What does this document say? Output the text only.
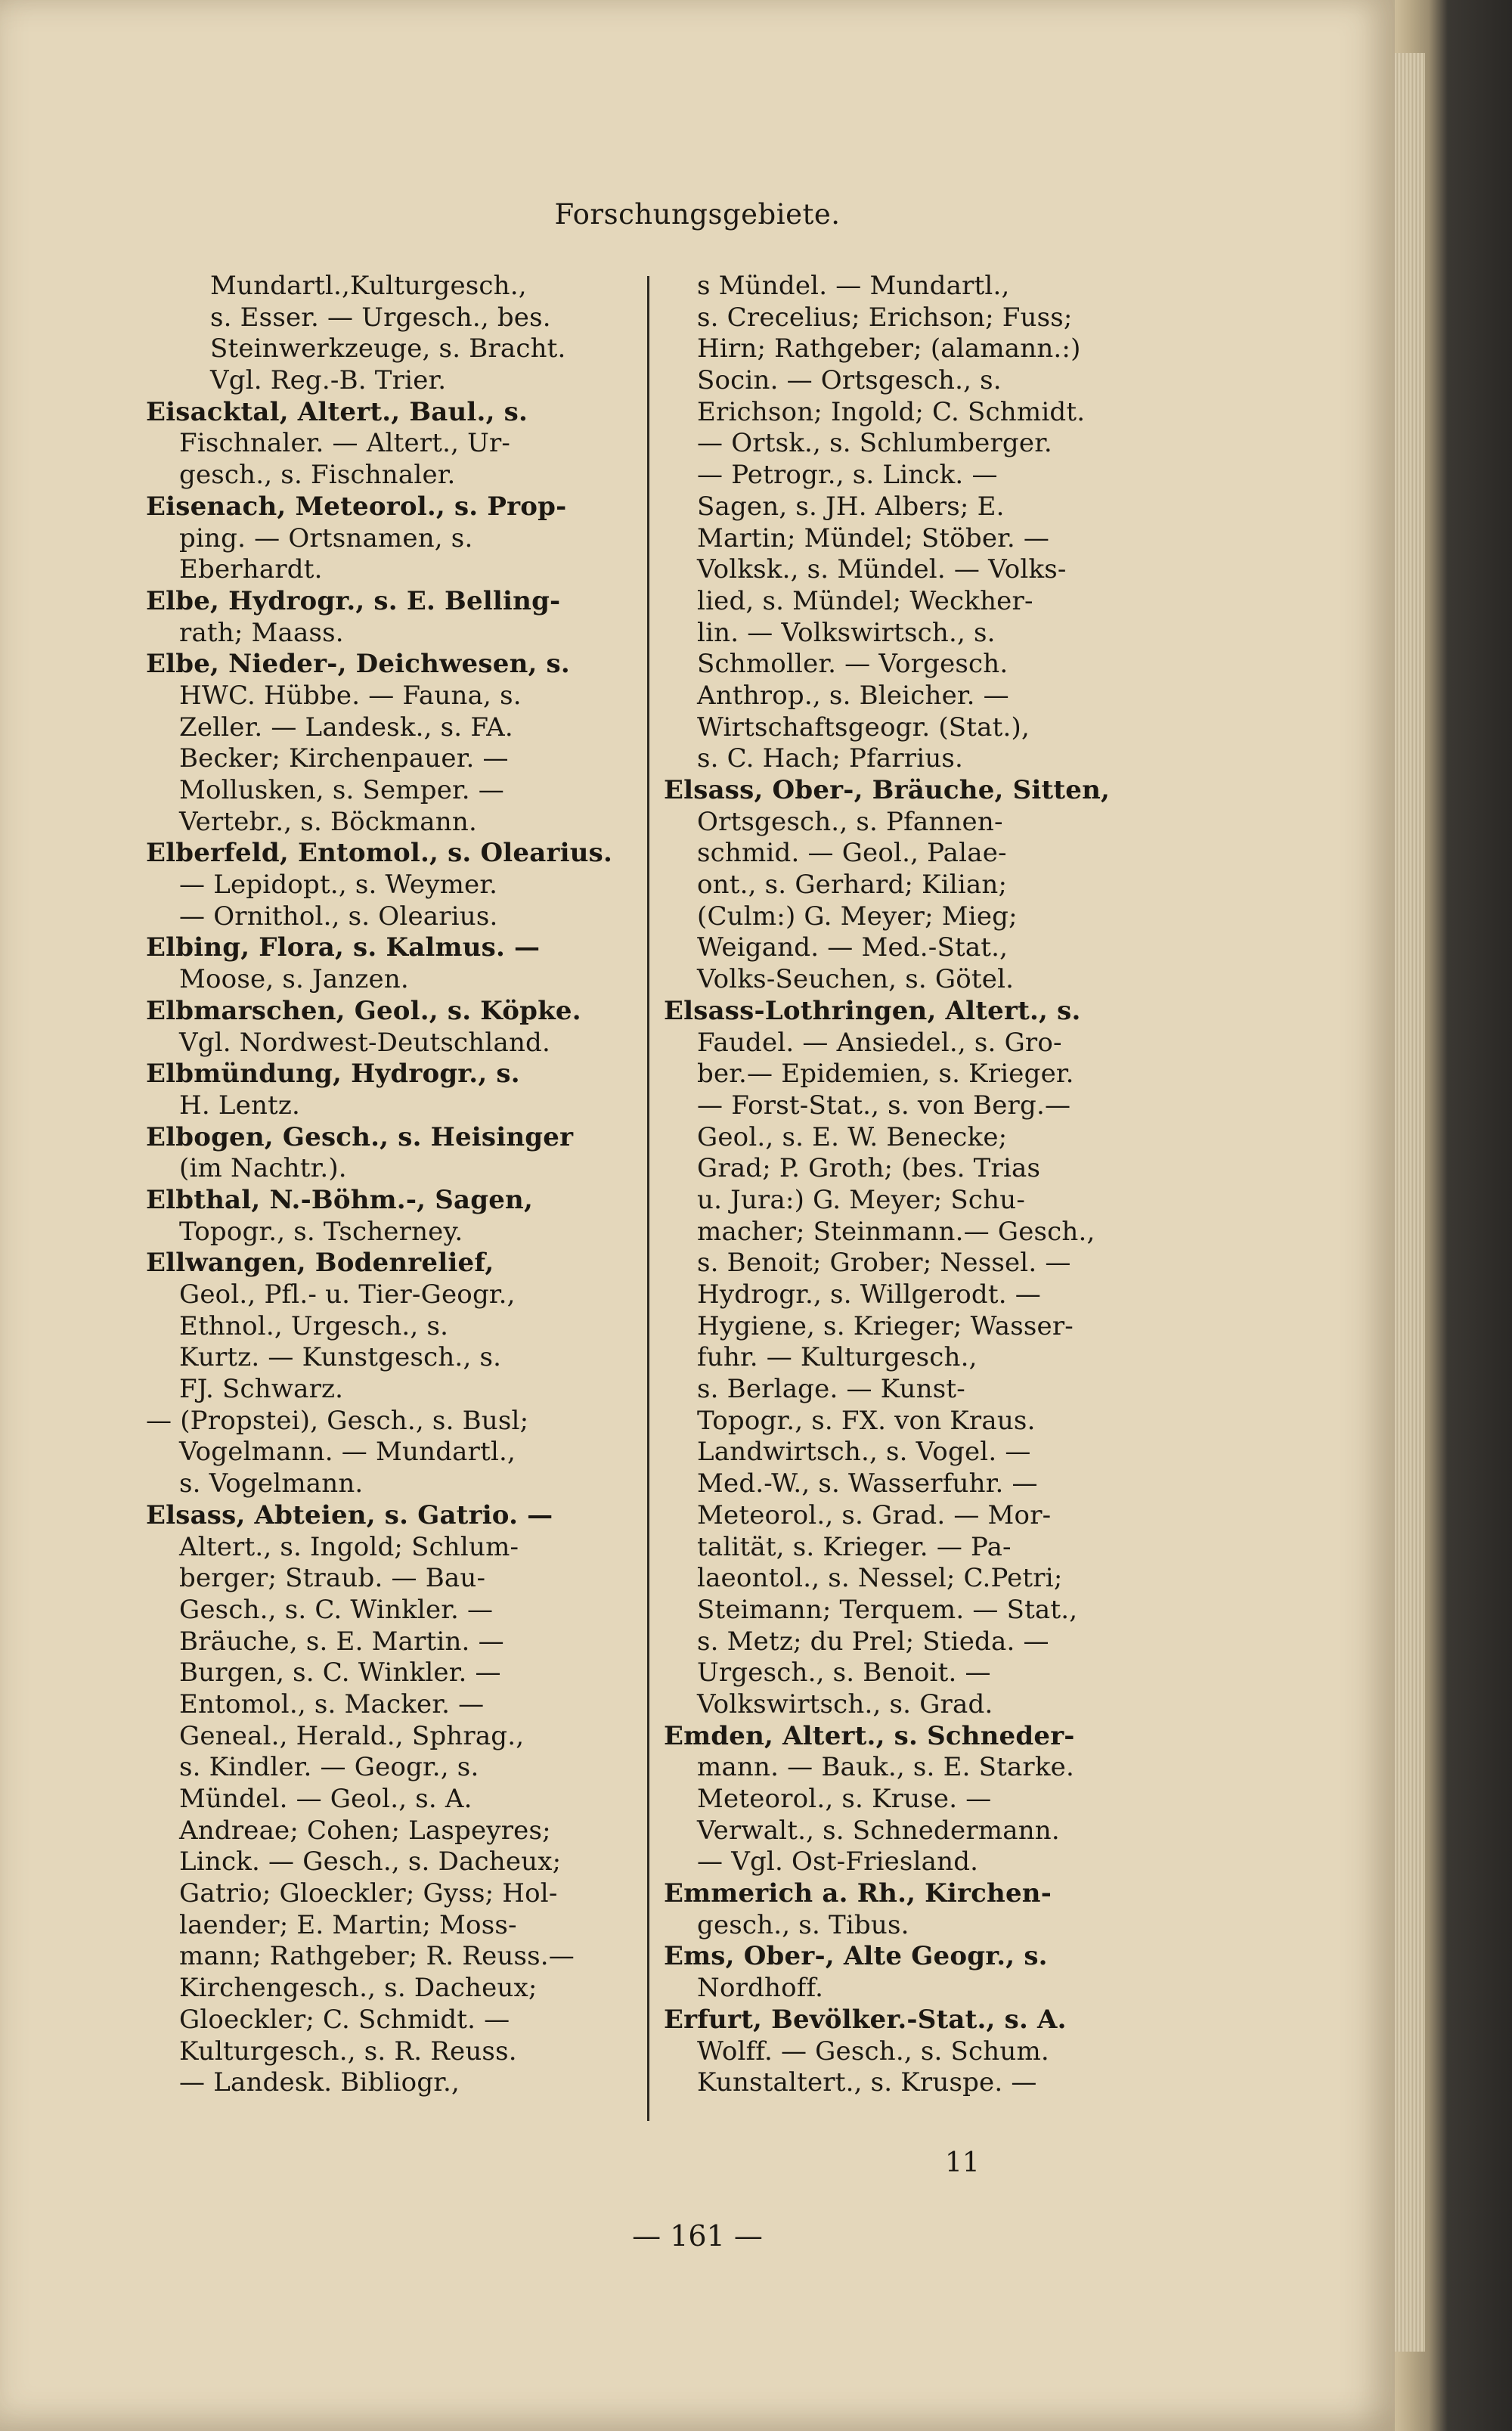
Forschungsgebiete.
Mundartl.,Kulturgesch.,
s. Esser. — Urgesch., bes.
Steinwerkzeuge, s. Bracht.
Vgl. Reg.-B. Trier.
Eisacktal, Altert., Baul., s.
Fischnaler. — Altert., Ur-
gesch., s. Fischnaler.
Eisenach, Meteorol., s. Prop-
ping. — Ortsnamen, s.
Eberhardt.
Elbe, Hydrogr., s. E. Belling-
rath; Maass.
Elbe, Nieder-, Deichwesen, s.
HWC. Hübbe. — Fauna, s.
Zeller. — Landesk., s. FA.
Becker; Kirchenpauer. —
Mollusken, s. Semper. —
Vertebr., s. Böckmann.
Elberfeld, Entomol., s. Olearius.
— Lepidopt., s. Weymer.
— Ornithol., s. Olearius.
Elbing, Flora, s. Kalmus. —
Moose, s. Janzen.
Elbmarschen, Geol., s. Köpke.
Vgl. Nordwest-Deutschland.
Elbmündung, Hydrogr., s.
H. Lentz.
Elbogen, Gesch., s. Heisinger
(im Nachtr.).
Elbthal, N.-Böhm.-, Sagen,
Topogr., s. Tscherney.
Ellwangen, Bodenrelief,
Geol., Pfl.- u. Tier-Geogr.,
Ethnol., Urgesch., s.
Kurtz. — Kunstgesch., s.
FJ. Schwarz.
— (Propstei), Gesch., s. Busl;
Vogelmann. — Mundartl.,
s. Vogelmann.
Elsass, Abteien, s. Gatrio. —
Altert., s. Ingold; Schlum-
berger; Straub. — Bau-
Gesch., s. C. Winkler. —
Bräuche, s. E. Martin. —
Burgen, s. C. Winkler. —
Entomol., s. Macker. —
Geneal., Herald., Sphrag.,
s. Kindler. — Geogr., s.
Mündel. — Geol., s. A.
Andreae; Cohen; Laspeyres;
Linck. — Gesch., s. Dacheux;
Gatrio; Gloeckler; Gyss; Hol-
laender; E. Martin; Moss-
mann; Rathgeber; R. Reuss.—
Kirchengesch., s. Dacheux;
Gloeckler; C. Schmidt. —
Kulturgesch., s. R. Reuss.
— Landesk. Bibliogr.,
s Mündel. — Mundartl.,
s. Crecelius; Erichson; Fuss;
Hirn; Rathgeber; (alamann.:)
Socin. — Ortsgesch., s.
Erichson; Ingold; C. Schmidt.
— Ortsk., s. Schlumberger.
— Petrogr., s. Linck. —
Sagen, s. JH. Albers; E.
Martin; Mündel; Stöber. —
Volksk., s. Mündel. — Volks-
lied, s. Mündel; Weckher-
lin. — Volkswirtsch., s.
Schmoller. — Vorgesch.
Anthrop., s. Bleicher. —
Wirtschaftsgeogr. (Stat.),
s. C. Hach; Pfarrius.
Elsass, Ober-, Bräuche, Sitten,
Ortsgesch., s. Pfannen-
schmid. — Geol., Palae-
ont., s. Gerhard; Kilian;
(Culm:) G. Meyer; Mieg;
Weigand. — Med.-Stat.,
Volks-Seuchen, s. Götel.
Elsass-Lothringen, Altert., s.
Faudel. — Ansiedel., s. Gro-
ber.— Epidemien, s. Krieger.
— Forst-Stat., s. von Berg.—
Geol., s. E. W. Benecke;
Grad; P. Groth; (bes. Trias
u. Jura:) G. Meyer; Schu-
macher; Steinmann.— Gesch.,
s. Benoit; Grober; Nessel. —
Hydrogr., s. Willgerodt. —
Hygiene, s. Krieger; Wasser-
fuhr. — Kulturgesch.,
s. Berlage. — Kunst-
Topogr., s. FX. von Kraus.
Landwirtsch., s. Vogel. —
Med.-W., s. Wasserfuhr. —
Meteorol., s. Grad. — Mor-
talität, s. Krieger. — Pa-
laeontol., s. Nessel; C.Petri;
Steimann; Terquem. — Stat.,
s. Metz; du Prel; Stieda. —
Urgesch., s. Benoit. —
Volkswirtsch., s. Grad.
Emden, Altert., s. Schneder-
mann. — Bauk., s. E. Starke.
Meteorol., s. Kruse. —
Verwalt., s. Schnedermann.
— Vgl. Ost-Friesland.
Emmerich a. Rh., Kirchen-
gesch., s. Tibus.
Ems, Ober-, Alte Geogr., s.
Nordhoff.
Erfurt, Bevölker.-Stat., s. A.
Wolff. — Gesch., s. Schum.
Kunstaltert., s. Kruspe. —
11
— 161 —
